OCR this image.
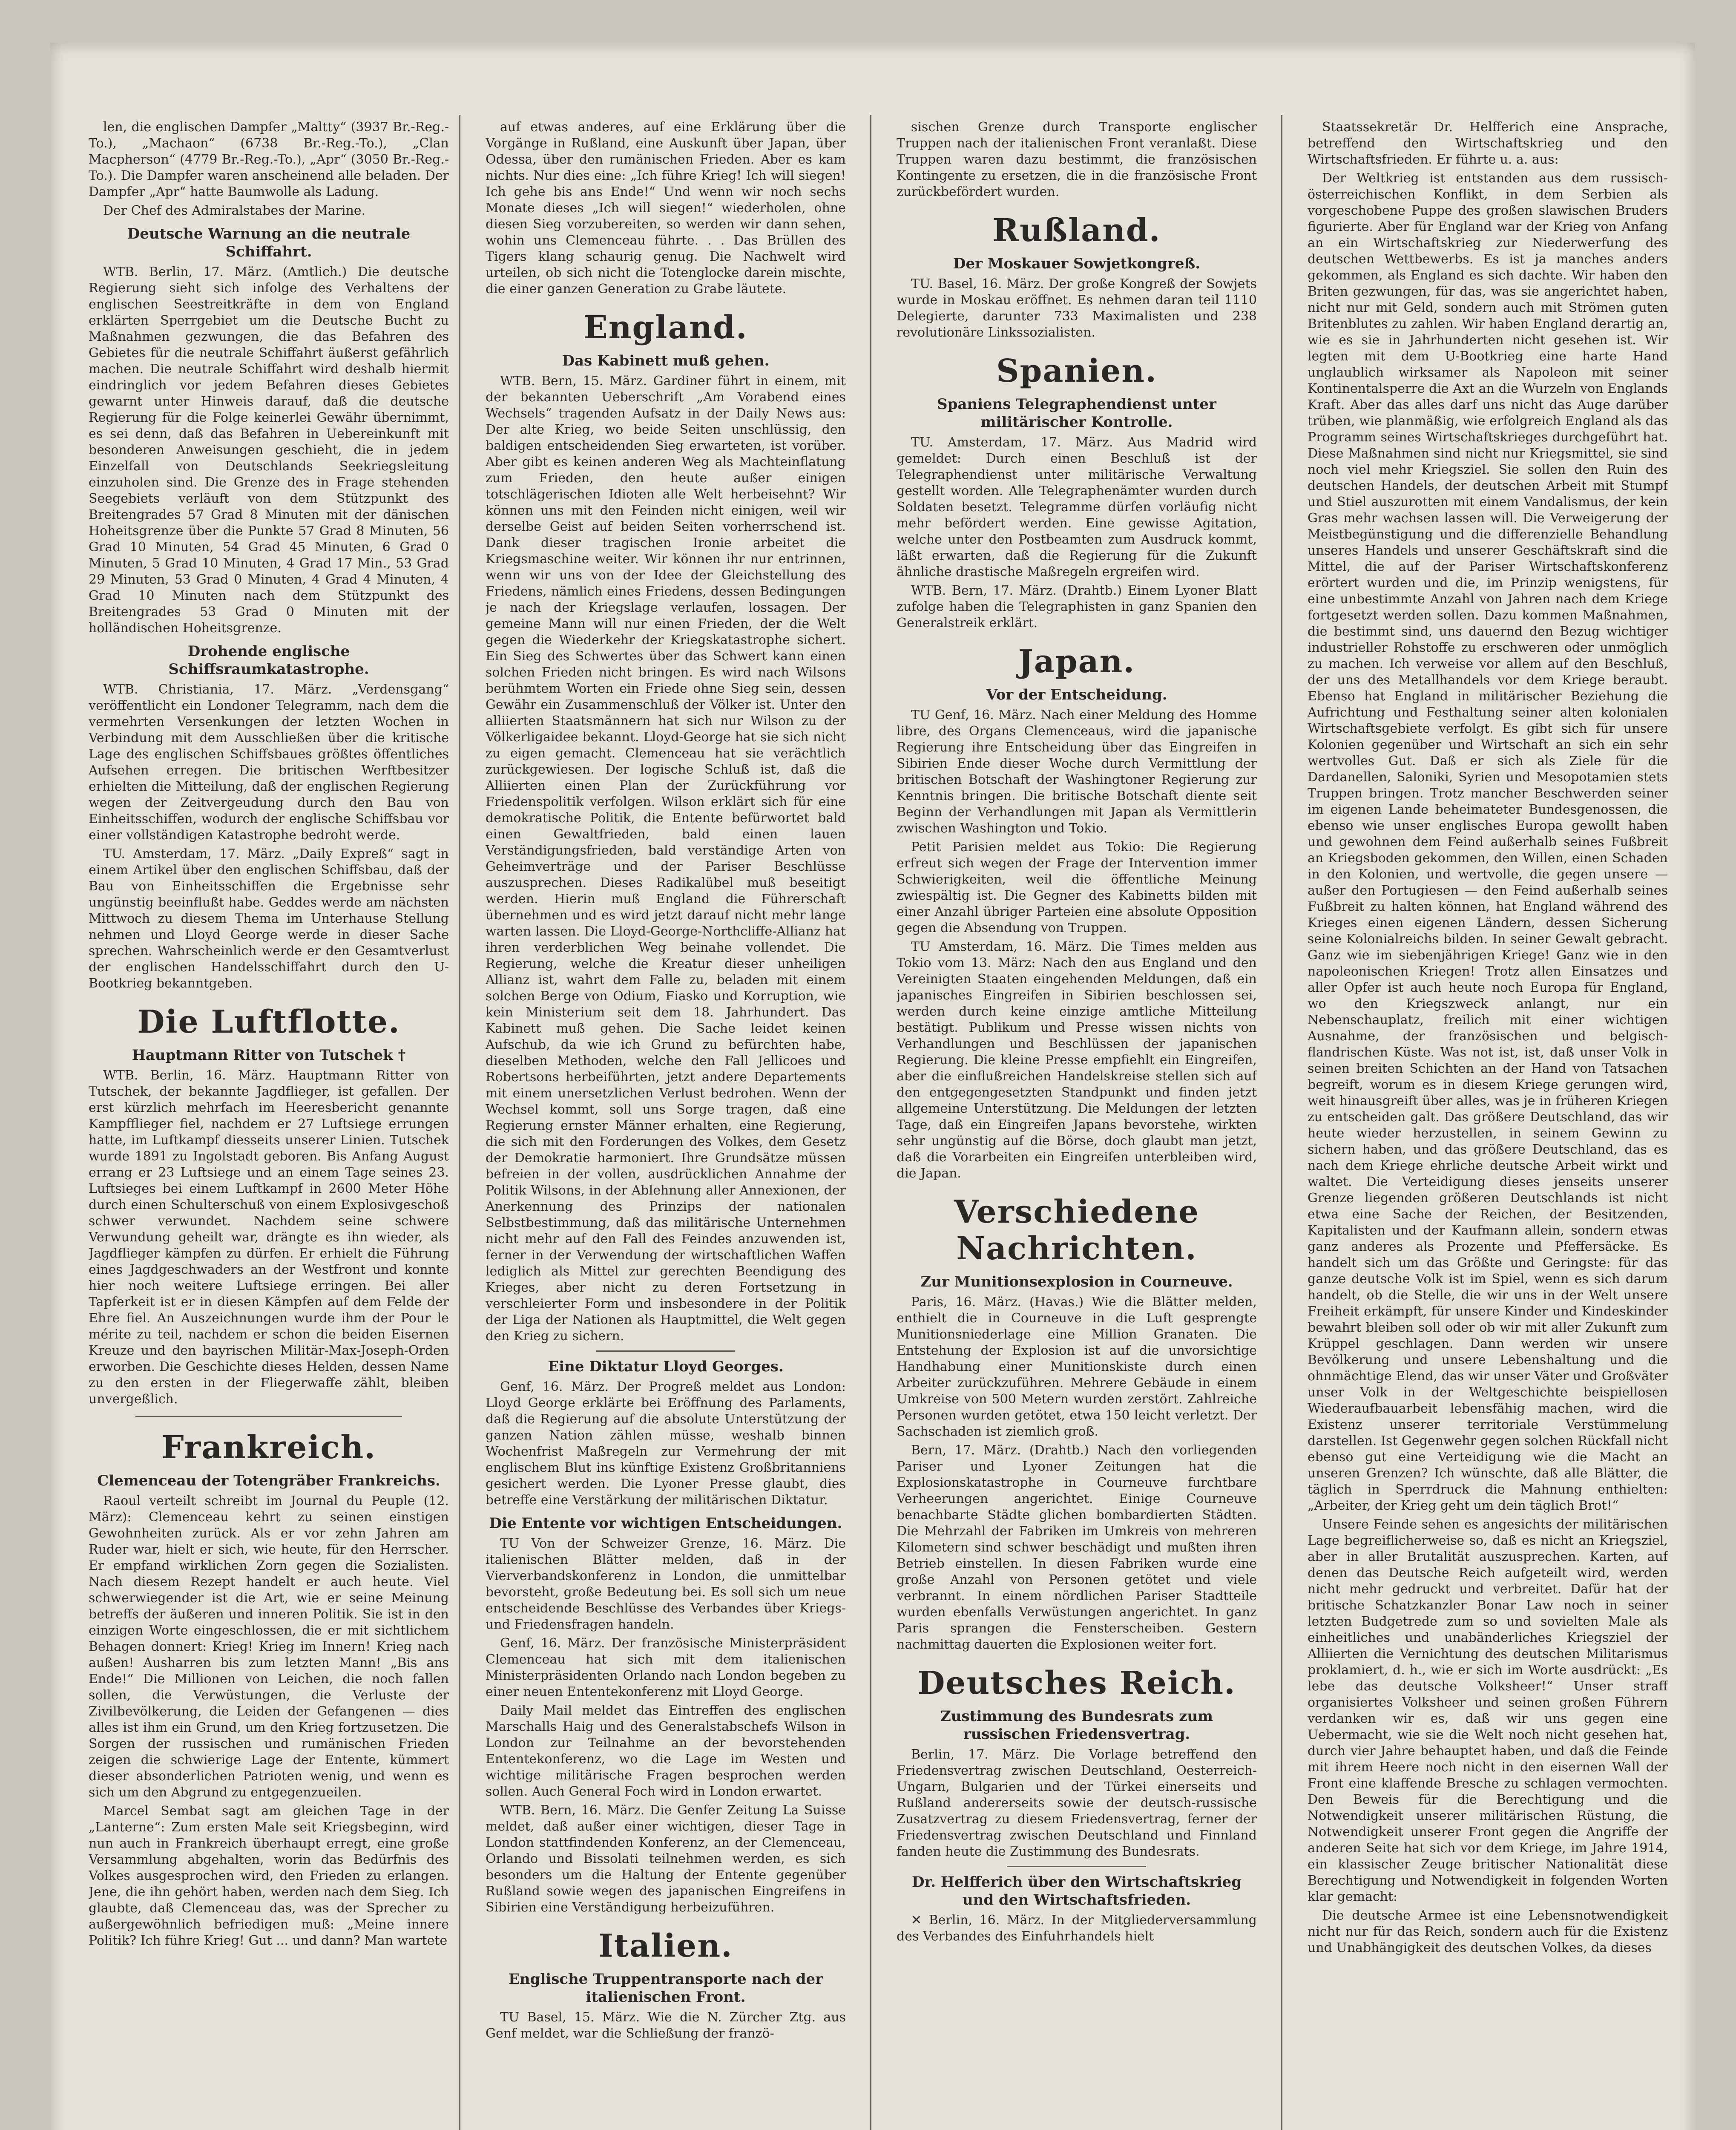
len, die englischen Dampfer „Maltty“ (3937 Br.-Reg.-To.), „Machaon“ (6738 Br.-Reg.-To.), „Clan Macpherson“ (4779 Br.-Reg.-To.), „Apr“ (3050 Br.-Reg.-To.). Die Dampfer waren anscheinend alle beladen. Der Dampfer „Apr“ hatte Baumwolle als Ladung.

Der Chef des Admiralstabes der Marine.

Deutsche Warnung an die neutrale Schiffahrt.

WTB. Berlin, 17. März. (Amtlich.) Die deutsche Regierung sieht sich infolge des Verhaltens der englischen Seestreitkräfte in dem von England erklärten Sperrgebiet um die Deutsche Bucht zu Maßnahmen gezwungen, die das Befahren des Gebietes für die neutrale Schiffahrt äußerst gefährlich machen. Die neutrale Schiffahrt wird deshalb hiermit eindringlich vor jedem Befahren dieses Gebietes gewarnt unter Hinweis darauf, daß die deutsche Regierung für die Folge keinerlei Gewähr übernimmt, es sei denn, daß das Befahren in Uebereinkunft mit besonderen Anweisungen geschieht, die in jedem Einzelfall von Deutschlands Seekriegsleitung einzuholen sind. Die Grenze des in Frage stehenden Seegebiets verläuft von dem Stützpunkt des Breitengrades 57 Grad 8 Minuten mit der dänischen Hoheitsgrenze über die Punkte 57 Grad 8 Minuten, 56 Grad 10 Minuten, 54 Grad 45 Minuten, 6 Grad 0 Minuten, 5 Grad 10 Minuten, 4 Grad 17 Min., 53 Grad 29 Minuten, 53 Grad 0 Minuten, 4 Grad 4 Minuten, 4 Grad 10 Minuten nach dem Stützpunkt des Breitengrades 53 Grad 0 Minuten mit der holländischen Hoheitsgrenze.

Drohende englische Schiffsraumkatastrophe.

WTB. Christiania, 17. März. „Verdensgang“ veröffentlicht ein Londoner Telegramm, nach dem die vermehrten Versenkungen der letzten Wochen in Verbindung mit dem Ausschließen über die kritische Lage des englischen Schiffsbaues größtes öffentliches Aufsehen erregen. Die britischen Werftbesitzer erhielten die Mitteilung, daß der englischen Regierung wegen der Zeitvergeudung durch den Bau von Einheitsschiffen, wodurch der englische Schiffsbau vor einer vollständigen Katastrophe bedroht werde.

TU. Amsterdam, 17. März. „Daily Expreß“ sagt in einem Artikel über den englischen Schiffsbau, daß der Bau von Einheitsschiffen die Ergebnisse sehr ungünstig beeinflußt habe. Geddes werde am nächsten Mittwoch zu diesem Thema im Unterhause Stellung nehmen und Lloyd George werde in dieser Sache sprechen. Wahrscheinlich werde er den Gesamtverlust der englischen Handelsschiffahrt durch den U-Bootkrieg bekanntgeben.

Die Luftflotte.
Hauptmann Ritter von Tutschek †

WTB. Berlin, 16. März. Hauptmann Ritter von Tutschek, der bekannte Jagdflieger, ist gefallen. Der erst kürzlich mehrfach im Heeresbericht genannte Kampfflieger fiel, nachdem er 27 Luftsiege errungen hatte, im Luftkampf diesseits unserer Linien. Tutschek wurde 1891 zu Ingolstadt geboren. Bis Anfang August errang er 23 Luftsiege und an einem Tage seines 23. Luftsieges bei einem Luftkampf in 2600 Meter Höhe durch einen Schulterschuß von einem Explosivgeschoß schwer verwundet. Nachdem seine schwere Verwundung geheilt war, drängte es ihn wieder, als Jagdflieger kämpfen zu dürfen. Er erhielt die Führung eines Jagdgeschwaders an der Westfront und konnte hier noch weitere Luftsiege erringen. Bei aller Tapferkeit ist er in diesen Kämpfen auf dem Felde der Ehre fiel. An Auszeichnungen wurde ihm der Pour le mérite zu teil, nachdem er schon die beiden Eisernen Kreuze und den bayrischen Militär-Max-Joseph-Orden erworben. Die Geschichte dieses Helden, dessen Name zu den ersten in der Fliegerwaffe zählt, bleiben unvergeßlich.

Frankreich.
Clemenceau der Totengräber Frankreichs.

Raoul verteilt schreibt im Journal du Peuple (12. März): Clemenceau kehrt zu seinen einstigen Gewohnheiten zurück. Als er vor zehn Jahren am Ruder war, hielt er sich, wie heute, für den Herrscher. Er empfand wirklichen Zorn gegen die Sozialisten. Nach diesem Rezept handelt er auch heute. Viel schwerwiegender ist die Art, wie er seine Meinung betreffs der äußeren und inneren Politik. Sie ist in den einzigen Worte eingeschlossen, die er mit sichtlichem Behagen donnert: Krieg! Krieg im Innern! Krieg nach außen! Ausharren bis zum letzten Mann! „Bis ans Ende!“ Die Millionen von Leichen, die noch fallen sollen, die Verwüstungen, die Verluste der Zivilbevölkerung, die Leiden der Gefangenen — dies alles ist ihm ein Grund, um den Krieg fortzusetzen. Die Sorgen der russischen und rumänischen Frieden zeigen die schwierige Lage der Entente, kümmert dieser absonderlichen Patrioten wenig, und wenn es sich um den Abgrund zu entgegenzueilen.

Marcel Sembat sagt am gleichen Tage in der „Lanterne“: Zum ersten Male seit Kriegsbeginn, wird nun auch in Frankreich überhaupt erregt, eine große Versammlung abgehalten, worin das Bedürfnis des Volkes ausgesprochen wird, den Frieden zu erlangen. Jene, die ihn gehört haben, werden nach dem Sieg. Ich glaubte, daß Clemenceau das, was der Sprecher zu außergewöhnlich befriedigen muß: „Meine innere Politik? Ich führe Krieg! Gut ... und dann? Man wartete

auf etwas anderes, auf eine Erklärung über die Vorgänge in Rußland, eine Auskunft über Japan, über Odessa, über den rumänischen Frieden. Aber es kam nichts. Nur dies eine: „Ich führe Krieg! Ich will siegen! Ich gehe bis ans Ende!“ Und wenn wir noch sechs Monate dieses „Ich will siegen!“ wiederholen, ohne diesen Sieg vorzubereiten, so werden wir dann sehen, wohin uns Clemenceau führte. . . Das Brüllen des Tigers klang schaurig genug. Die Nachwelt wird urteilen, ob sich nicht die Totenglocke darein mischte, die einer ganzen Generation zu Grabe läutete.

England.
Das Kabinett muß gehen.

WTB. Bern, 15. März. Gardiner führt in einem, mit der bekannten Ueberschrift „Am Vorabend eines Wechsels“ tragenden Aufsatz in der Daily News aus: Der alte Krieg, wo beide Seiten unschlüssig, den baldigen entscheidenden Sieg erwarteten, ist vorüber. Aber gibt es keinen anderen Weg als Machteinflatung zum Frieden, den heute außer einigen totschlägerischen Idioten alle Welt herbeisehnt? Wir können uns mit den Feinden nicht einigen, weil wir derselbe Geist auf beiden Seiten vorherrschend ist. Dank dieser tragischen Ironie arbeitet die Kriegsmaschine weiter. Wir können ihr nur entrinnen, wenn wir uns von der Idee der Gleichstellung des Friedens, nämlich eines Friedens, dessen Bedingungen je nach der Kriegslage verlaufen, lossagen. Der gemeine Mann will nur einen Frieden, der die Welt gegen die Wiederkehr der Kriegskatastrophe sichert. Ein Sieg des Schwertes über das Schwert kann einen solchen Frieden nicht bringen. Es wird nach Wilsons berühmtem Worten ein Friede ohne Sieg sein, dessen Gewähr ein Zusammenschluß der Völker ist. Unter den alliierten Staatsmännern hat sich nur Wilson zu der Völkerligaidee bekannt. Lloyd-George hat sie sich nicht zu eigen gemacht. Clemenceau hat sie verächtlich zurückgewiesen. Der logische Schluß ist, daß die Alliierten einen Plan der Zurückführung vor Friedenspolitik verfolgen. Wilson erklärt sich für eine demokratische Politik, die Entente befürwortet bald einen Gewaltfrieden, bald einen lauen Verständigungsfrieden, bald verständige Arten von Geheimverträge und der Pariser Beschlüsse auszusprechen. Dieses Radikalübel muß beseitigt werden. Hierin muß England die Führerschaft übernehmen und es wird jetzt darauf nicht mehr lange warten lassen. Die Lloyd-George-Northcliffe-Allianz hat ihren verderblichen Weg beinahe vollendet. Die Regierung, welche die Kreatur dieser unheiligen Allianz ist, wahrt dem Falle zu, beladen mit einem solchen Berge von Odium, Fiasko und Korruption, wie kein Ministerium seit dem 18. Jahrhundert. Das Kabinett muß gehen. Die Sache leidet keinen Aufschub, da wie ich Grund zu befürchten habe, dieselben Methoden, welche den Fall Jellicoes und Robertsons herbeiführten, jetzt andere Departements mit einem unersetzlichen Verlust bedrohen. Wenn der Wechsel kommt, soll uns Sorge tragen, daß eine Regierung ernster Männer erhalten, eine Regierung, die sich mit den Forderungen des Volkes, dem Gesetz der Demokratie harmoniert. Ihre Grundsätze müssen befreien in der vollen, ausdrücklichen Annahme der Politik Wilsons, in der Ablehnung aller Annexionen, der Anerkennung des Prinzips der nationalen Selbstbestimmung, daß das militärische Unternehmen nicht mehr auf den Fall des Feindes anzuwenden ist, ferner in der Verwendung der wirtschaftlichen Waffen lediglich als Mittel zur gerechten Beendigung des Krieges, aber nicht zu deren Fortsetzung in verschleierter Form und insbesondere in der Politik der Liga der Nationen als Hauptmittel, die Welt gegen den Krieg zu sichern.

Eine Diktatur Lloyd Georges.

Genf, 16. März. Der Progreß meldet aus London: Lloyd George erklärte bei Eröffnung des Parlaments, daß die Regierung auf die absolute Unterstützung der ganzen Nation zählen müsse, weshalb binnen Wochenfrist Maßregeln zur Vermehrung der mit englischem Blut ins künftige Existenz Großbritanniens gesichert werden. Die Lyoner Presse glaubt, dies betreffe eine Verstärkung der militärischen Diktatur.

Die Entente vor wichtigen Entscheidungen.

TU Von der Schweizer Grenze, 16. März. Die italienischen Blätter melden, daß in der Vierverbandskonferenz in London, die unmittelbar bevorsteht, große Bedeutung bei. Es soll sich um neue entscheidende Beschlüsse des Verbandes über Kriegs- und Friedensfragen handeln.

Genf, 16. März. Der französische Ministerpräsident Clemenceau hat sich mit dem italienischen Ministerpräsidenten Orlando nach London begeben zu einer neuen Ententekonferenz mit Lloyd George.

Daily Mail meldet das Eintreffen des englischen Marschalls Haig und des Generalstabschefs Wilson in London zur Teilnahme an der bevorstehenden Ententekonferenz, wo die Lage im Westen und wichtige militärische Fragen besprochen werden sollen. Auch General Foch wird in London erwartet.

WTB. Bern, 16. März. Die Genfer Zeitung La Suisse meldet, daß außer einer wichtigen, dieser Tage in London stattfindenden Konferenz, an der Clemenceau, Orlando und Bissolati teilnehmen werden, es sich besonders um die Haltung der Entente gegenüber Rußland sowie wegen des japanischen Eingreifens in Sibirien eine Verständigung herbeizuführen.

Italien.
Englische Truppentransporte nach der italienischen Front.

TU Basel, 15. März. Wie die N. Zürcher Ztg. aus Genf meldet, war die Schließung der franzö-

sischen Grenze durch Transporte englischer Truppen nach der italienischen Front veranlaßt. Diese Truppen waren dazu bestimmt, die französischen Kontingente zu ersetzen, die in die französische Front zurückbefördert wurden.

Rußland.
Der Moskauer Sowjetkongreß.

TU. Basel, 16. März. Der große Kongreß der Sowjets wurde in Moskau eröffnet. Es nehmen daran teil 1110 Delegierte, darunter 733 Maximalisten und 238 revolutionäre Linkssozialisten.

Spanien.
Spaniens Telegraphendienst unter militärischer Kontrolle.

TU. Amsterdam, 17. März. Aus Madrid wird gemeldet: Durch einen Beschluß ist der Telegraphendienst unter militärische Verwaltung gestellt worden. Alle Telegraphenämter wurden durch Soldaten besetzt. Telegramme dürfen vorläufig nicht mehr befördert werden. Eine gewisse Agitation, welche unter den Postbeamten zum Ausdruck kommt, läßt erwarten, daß die Regierung für die Zukunft ähnliche drastische Maßregeln ergreifen wird.

WTB. Bern, 17. März. (Drahtb.) Einem Lyoner Blatt zufolge haben die Telegraphisten in ganz Spanien den Generalstreik erklärt.

Japan.
Vor der Entscheidung.

TU Genf, 16. März. Nach einer Meldung des Homme libre, des Organs Clemenceaus, wird die japanische Regierung ihre Entscheidung über das Eingreifen in Sibirien Ende dieser Woche durch Vermittlung der britischen Botschaft der Washingtoner Regierung zur Kenntnis bringen. Die britische Botschaft diente seit Beginn der Verhandlungen mit Japan als Vermittlerin zwischen Washington und Tokio.

Petit Parisien meldet aus Tokio: Die Regierung erfreut sich wegen der Frage der Intervention immer Schwierigkeiten, weil die öffentliche Meinung zwiespältig ist. Die Gegner des Kabinetts bilden mit einer Anzahl übriger Parteien eine absolute Opposition gegen die Absendung von Truppen.

TU Amsterdam, 16. März. Die Times melden aus Tokio vom 13. März: Nach den aus England und den Vereinigten Staaten eingehenden Meldungen, daß ein japanisches Eingreifen in Sibirien beschlossen sei, werden durch keine einzige amtliche Mitteilung bestätigt. Publikum und Presse wissen nichts von Verhandlungen und Beschlüssen der japanischen Regierung. Die kleine Presse empfiehlt ein Eingreifen, aber die einflußreichen Handelskreise stellen sich auf den entgegengesetzten Standpunkt und finden jetzt allgemeine Unterstützung. Die Meldungen der letzten Tage, daß ein Eingreifen Japans bevorstehe, wirkten sehr ungünstig auf die Börse, doch glaubt man jetzt, daß die Vorarbeiten ein Eingreifen unterbleiben wird, die Japan.

Verschiedene Nachrichten.
Zur Munitionsexplosion in Courneuve.

Paris, 16. März. (Havas.) Wie die Blätter melden, enthielt die in Courneuve in die Luft gesprengte Munitionsniederlage eine Million Granaten. Die Entstehung der Explosion ist auf die unvorsichtige Handhabung einer Munitionskiste durch einen Arbeiter zurückzuführen. Mehrere Gebäude in einem Umkreise von 500 Metern wurden zerstört. Zahlreiche Personen wurden getötet, etwa 150 leicht verletzt. Der Sachschaden ist ziemlich groß.

Bern, 17. März. (Drahtb.) Nach den vorliegenden Pariser und Lyoner Zeitungen hat die Explosionskatastrophe in Courneuve furchtbare Verheerungen angerichtet. Einige Courneuve benachbarte Städte glichen bombardierten Städten. Die Mehrzahl der Fabriken im Umkreis von mehreren Kilometern sind schwer beschädigt und mußten ihren Betrieb einstellen. In diesen Fabriken wurde eine große Anzahl von Personen getötet und viele verbrannt. In einem nördlichen Pariser Stadtteile wurden ebenfalls Verwüstungen angerichtet. In ganz Paris sprangen die Fensterscheiben. Gestern nachmittag dauerten die Explosionen weiter fort.

Deutsches Reich.
Zustimmung des Bundesrats zum russischen Friedensvertrag.

Berlin, 17. März. Die Vorlage betreffend den Friedensvertrag zwischen Deutschland, Oesterreich-Ungarn, Bulgarien und der Türkei einerseits und Rußland andererseits sowie der deutsch-russische Zusatzvertrag zu diesem Friedensvertrag, ferner der Friedensvertrag zwischen Deutschland und Finnland fanden heute die Zustimmung des Bundesrats.

Dr. Helfferich über den Wirtschaftskrieg und den Wirtschaftsfrieden.

✕ Berlin, 16. März. In der Mitgliederversammlung des Verbandes des Einfuhrhandels hielt

Staatssekretär Dr. Helfferich eine Ansprache, betreffend den Wirtschaftskrieg und den Wirtschaftsfrieden. Er führte u. a. aus:

Der Weltkrieg ist entstanden aus dem russisch-österreichischen Konflikt, in dem Serbien als vorgeschobene Puppe des großen slawischen Bruders figurierte. Aber für England war der Krieg von Anfang an ein Wirtschaftskrieg zur Niederwerfung des deutschen Wettbewerbs. Es ist ja manches anders gekommen, als England es sich dachte. Wir haben den Briten gezwungen, für das, was sie angerichtet haben, nicht nur mit Geld, sondern auch mit Strömen guten Britenblutes zu zahlen. Wir haben England derartig an, wie es sie in Jahrhunderten nicht gesehen ist. Wir legten mit dem U-Bootkrieg eine harte Hand unglaublich wirksamer als Napoleon mit seiner Kontinentalsperre die Axt an die Wurzeln von Englands Kraft. Aber das alles darf uns nicht das Auge darüber trüben, wie planmäßig, wie erfolgreich England als das Programm seines Wirtschaftskrieges durchgeführt hat. Diese Maßnahmen sind nicht nur Kriegsmittel, sie sind noch viel mehr Kriegsziel. Sie sollen den Ruin des deutschen Handels, der deutschen Arbeit mit Stumpf und Stiel auszurotten mit einem Vandalismus, der kein Gras mehr wachsen lassen will. Die Verweigerung der Meistbegünstigung und die differenzielle Behandlung unseres Handels und unserer Geschäftskraft sind die Mittel, die auf der Pariser Wirtschaftskonferenz erörtert wurden und die, im Prinzip wenigstens, für eine unbestimmte Anzahl von Jahren nach dem Kriege fortgesetzt werden sollen. Dazu kommen Maßnahmen, die bestimmt sind, uns dauernd den Bezug wichtiger industrieller Rohstoffe zu erschweren oder unmöglich zu machen. Ich verweise vor allem auf den Beschluß, der uns des Metallhandels vor dem Kriege beraubt. Ebenso hat England in militärischer Beziehung die Aufrichtung und Festhaltung seiner alten kolonialen Wirtschaftsgebiete verfolgt. Es gibt sich für unsere Kolonien gegenüber und Wirtschaft an sich ein sehr wertvolles Gut. Daß er sich als Ziele für die Dardanellen, Saloniki, Syrien und Mesopotamien stets Truppen bringen. Trotz mancher Beschwerden seiner im eigenen Lande beheimateter Bundesgenossen, die ebenso wie unser englisches Europa gewollt haben und gewohnen dem Feind außerhalb seines Fußbreit an Kriegsboden gekommen, den Willen, einen Schaden in den Kolonien, und wertvolle, die gegen unsere — außer den Portugiesen — den Feind außerhalb seines Fußbreit zu halten können, hat England während des Krieges einen eigenen Ländern, dessen Sicherung seine Kolonialreichs bilden. In seiner Gewalt gebracht. Ganz wie im siebenjährigen Kriege! Ganz wie in den napoleonischen Kriegen! Trotz allen Einsatzes und aller Opfer ist auch heute noch Europa für England, wo den Kriegszweck anlangt, nur ein Nebenschauplatz, freilich mit einer wichtigen Ausnahme, der französischen und belgisch-flandrischen Küste. Was not ist, ist, daß unser Volk in seinen breiten Schichten an der Hand von Tatsachen begreift, worum es in diesem Kriege gerungen wird, weit hinausgreift über alles, was je in früheren Kriegen zu entscheiden galt. Das größere Deutschland, das wir heute wieder herzustellen, in seinem Gewinn zu sichern haben, und das größere Deutschland, das es nach dem Kriege ehrliche deutsche Arbeit wirkt und waltet. Die Verteidigung dieses jenseits unserer Grenze liegenden größeren Deutschlands ist nicht etwa eine Sache der Reichen, der Besitzenden, Kapitalisten und der Kaufmann allein, sondern etwas ganz anderes als Prozente und Pfeffersäcke. Es handelt sich um das Größte und Geringste: für das ganze deutsche Volk ist im Spiel, wenn es sich darum handelt, ob die Stelle, die wir uns in der Welt unsere Freiheit erkämpft, für unsere Kinder und Kindeskinder bewahrt bleiben soll oder ob wir mit aller Zukunft zum Krüppel geschlagen. Dann werden wir unsere Bevölkerung und unsere Lebenshaltung und die ohnmächtige Elend, das wir unser Väter und Großväter unser Volk in der Weltgeschichte beispiellosen Wiederaufbauarbeit lebensfähig machen, wird die Existenz unserer territoriale Verstümmelung darstellen. Ist Gegenwehr gegen solchen Rückfall nicht ebenso gut eine Verteidigung wie die Macht an unseren Grenzen? Ich wünschte, daß alle Blätter, die täglich in Sperrdruck die Mahnung enthielten: „Arbeiter, der Krieg geht um dein täglich Brot!“

Unsere Feinde sehen es angesichts der militärischen Lage begreiflicherweise so, daß es nicht an Kriegsziel, aber in aller Brutalität auszusprechen. Karten, auf denen das Deutsche Reich aufgeteilt wird, werden nicht mehr gedruckt und verbreitet. Dafür hat der britische Schatzkanzler Bonar Law noch in seiner letzten Budgetrede zum so und sovielten Male als einheitliches und unabänderliches Kriegsziel der Alliierten die Vernichtung des deutschen Militarismus proklamiert, d. h., wie er sich im Worte ausdrückt: „Es lebe das deutsche Volksheer!“ Unser straff organisiertes Volksheer und seinen großen Führern verdanken wir es, daß wir uns gegen eine Uebermacht, wie sie die Welt noch nicht gesehen hat, durch vier Jahre behauptet haben, und daß die Feinde mit ihrem Heere noch nicht in den eisernen Wall der Front eine klaffende Bresche zu schlagen vermochten. Den Beweis für die Berechtigung und die Notwendigkeit unserer militärischen Rüstung, die Notwendigkeit unserer Front gegen die Angriffe der anderen Seite hat sich vor dem Kriege, im Jahre 1914, ein klassischer Zeuge britischer Nationalität diese Berechtigung und Notwendigkeit in folgenden Worten klar gemacht:

Die deutsche Armee ist eine Lebensnotwendigkeit nicht nur für das Reich, sondern auch für die Existenz und Unabhängigkeit des deutschen Volkes, da dieses
